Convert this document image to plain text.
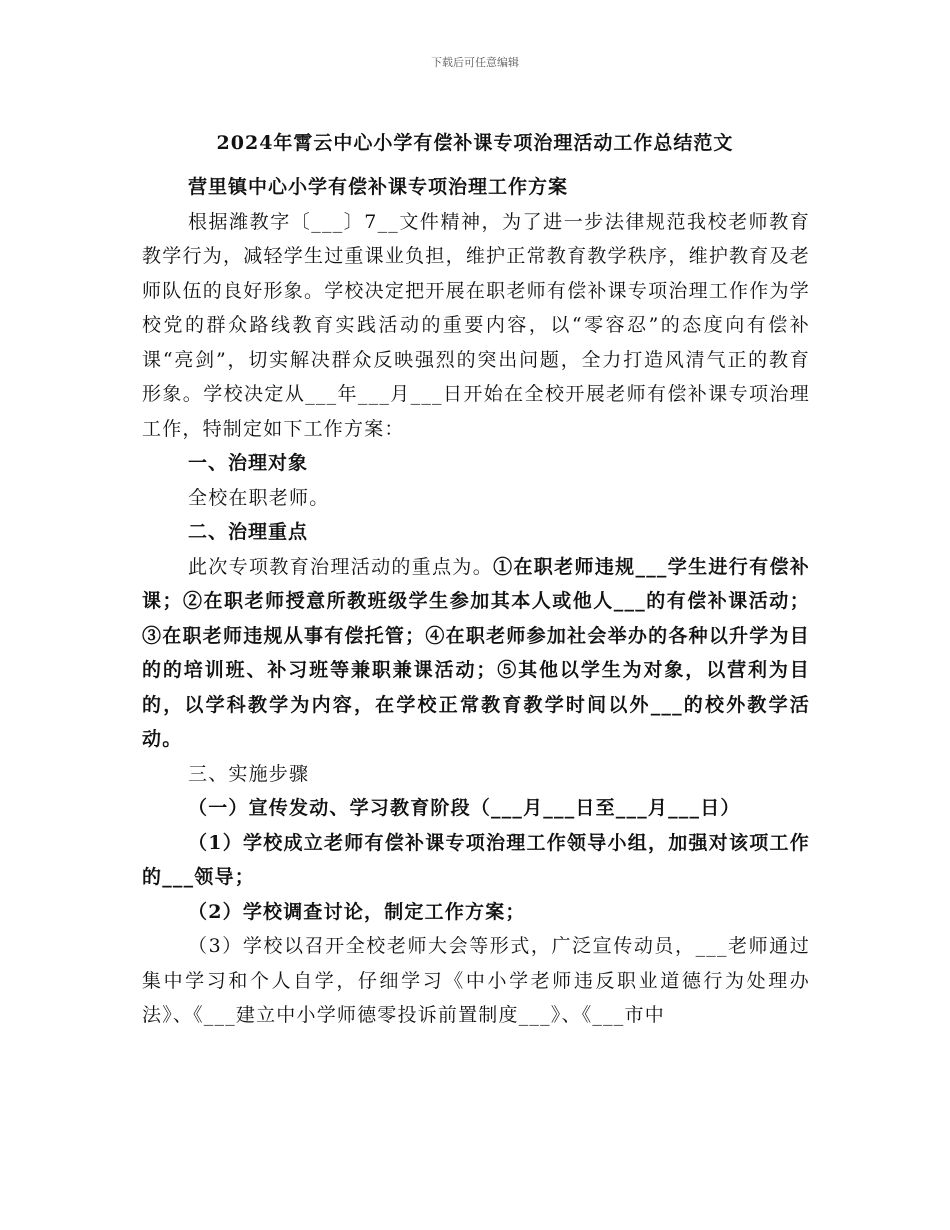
下载后可任意编辑
2024年霄云中心小学有偿补课专项治理活动工作总结范文

营里镇中心小学有偿补课专项治理工作方案

根据潍教字〔___〕7__文件精神，为了进一步法律规范我校老师教育教学行为，减轻学生过重课业负担，维护正常教育教学秩序，维护教育及老师队伍的良好形象。学校决定把开展在职老师有偿补课专项治理工作作为学校党的群众路线教育实践活动的重要内容，以“零容忍”的态度向有偿补课“亮剑”，切实解决群众反映强烈的突出问题，全力打造风清气正的教育形象。学校决定从___年___月___日开始在全校开展老师有偿补课专项治理工作，特制定如下工作方案：

一、治理对象

全校在职老师。

二、治理重点

此次专项教育治理活动的重点为。①在职老师违规___学生进行有偿补课；②在职老师授意所教班级学生参加其本人或他人___的有偿补课活动；③在职老师违规从事有偿托管；④在职老师参加社会举办的各种以升学为目的的培训班、补习班等兼职兼课活动；⑤其他以学生为对象，以营利为目的，以学科教学为内容，在学校正常教育教学时间以外___的校外教学活动。

三、实施步骤

（一）宣传发动、学习教育阶段（___月___日至___月___日）

（1）学校成立老师有偿补课专项治理工作领导小组，加强对该项工作的___领导；

（2）学校调查讨论，制定工作方案；

（3）学校以召开全校老师大会等形式，广泛宣传动员，___老师通过集中学习和个人自学，仔细学习《中小学老师违反职业道德行为处理办法》、《___建立中小学师德零投诉前置制度___》、《___市中
